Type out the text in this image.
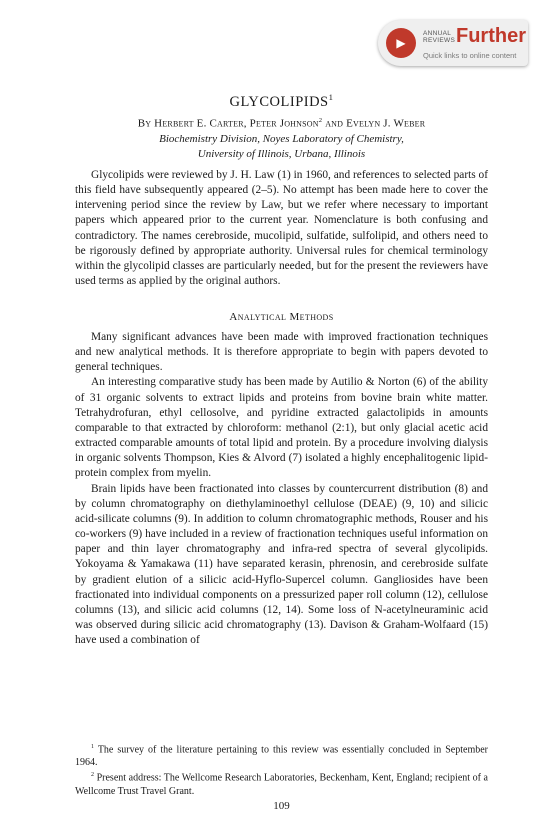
▶
ANNUAL
REVIEWS Further
Quick links to online content
GLYCOLIPIDS$^1$
By Herbert E. Carter, Peter Johnson$^2$ and Evelyn J. Weber
Biochemistry Division, Noyes Laboratory of Chemistry,
University of Illinois, Urbana, Illinois

Glycolipids were reviewed by J. H. Law (1) in 1960, and references to selected parts of this field have subsequently appeared (2–5). No attempt has been made here to cover the intervening period since the review by Law, but we refer where necessary to important papers which appeared prior to the current year. Nomenclature is both confusing and contradictory. The names cerebroside, mucolipid, sulfatide, sulfolipid, and others need to be rigorously defined by appropriate authority. Universal rules for chemical terminology within the glycolipid classes are particularly needed, but for the present the reviewers have used terms as applied by the original authors.

Analytical Methods

Many significant advances have been made with improved fractionation techniques and new analytical methods. It is therefore appropriate to begin with papers devoted to general techniques.

An interesting comparative study has been made by Autilio & Norton (6) of the ability of 31 organic solvents to extract lipids and proteins from bovine brain white matter. Tetrahydrofuran, ethyl cellosolve, and pyridine extracted galactolipids in amounts comparable to that extracted by chloroform: methanol (2:1), but only glacial acetic acid extracted comparable amounts of total lipid and protein. By a procedure involving dialysis in organic solvents Thompson, Kies & Alvord (7) isolated a highly encephalitogenic lipid-protein complex from myelin.

Brain lipids have been fractionated into classes by countercurrent distribution (8) and by column chromatography on diethylaminoethyl cellulose (DEAE) (9, 10) and silicic acid-silicate columns (9). In addition to column chromatographic methods, Rouser and his co-workers (9) have included in a review of fractionation techniques useful information on paper and thin layer chromatography and infra-red spectra of several glycolipids. Yokoyama & Yamakawa (11) have separated kerasin, phrenosin, and cerebroside sulfate by gradient elution of a silicic acid-Hyflo-Supercel column. Gangliosides have been fractionated into individual components on a pressurized paper roll column (12), cellulose columns (13), and silicic acid columns (12, 14). Some loss of N-acetylneuraminic acid was observed during silicic acid chromatography (13). Davison & Graham-Wolfaard (15) have used a combination of

$^1$ The survey of the literature pertaining to this review was essentially concluded in September 1964.

$^2$ Present address: The Wellcome Research Laboratories, Beckenham, Kent, England; recipient of a Wellcome Trust Travel Grant.

109
